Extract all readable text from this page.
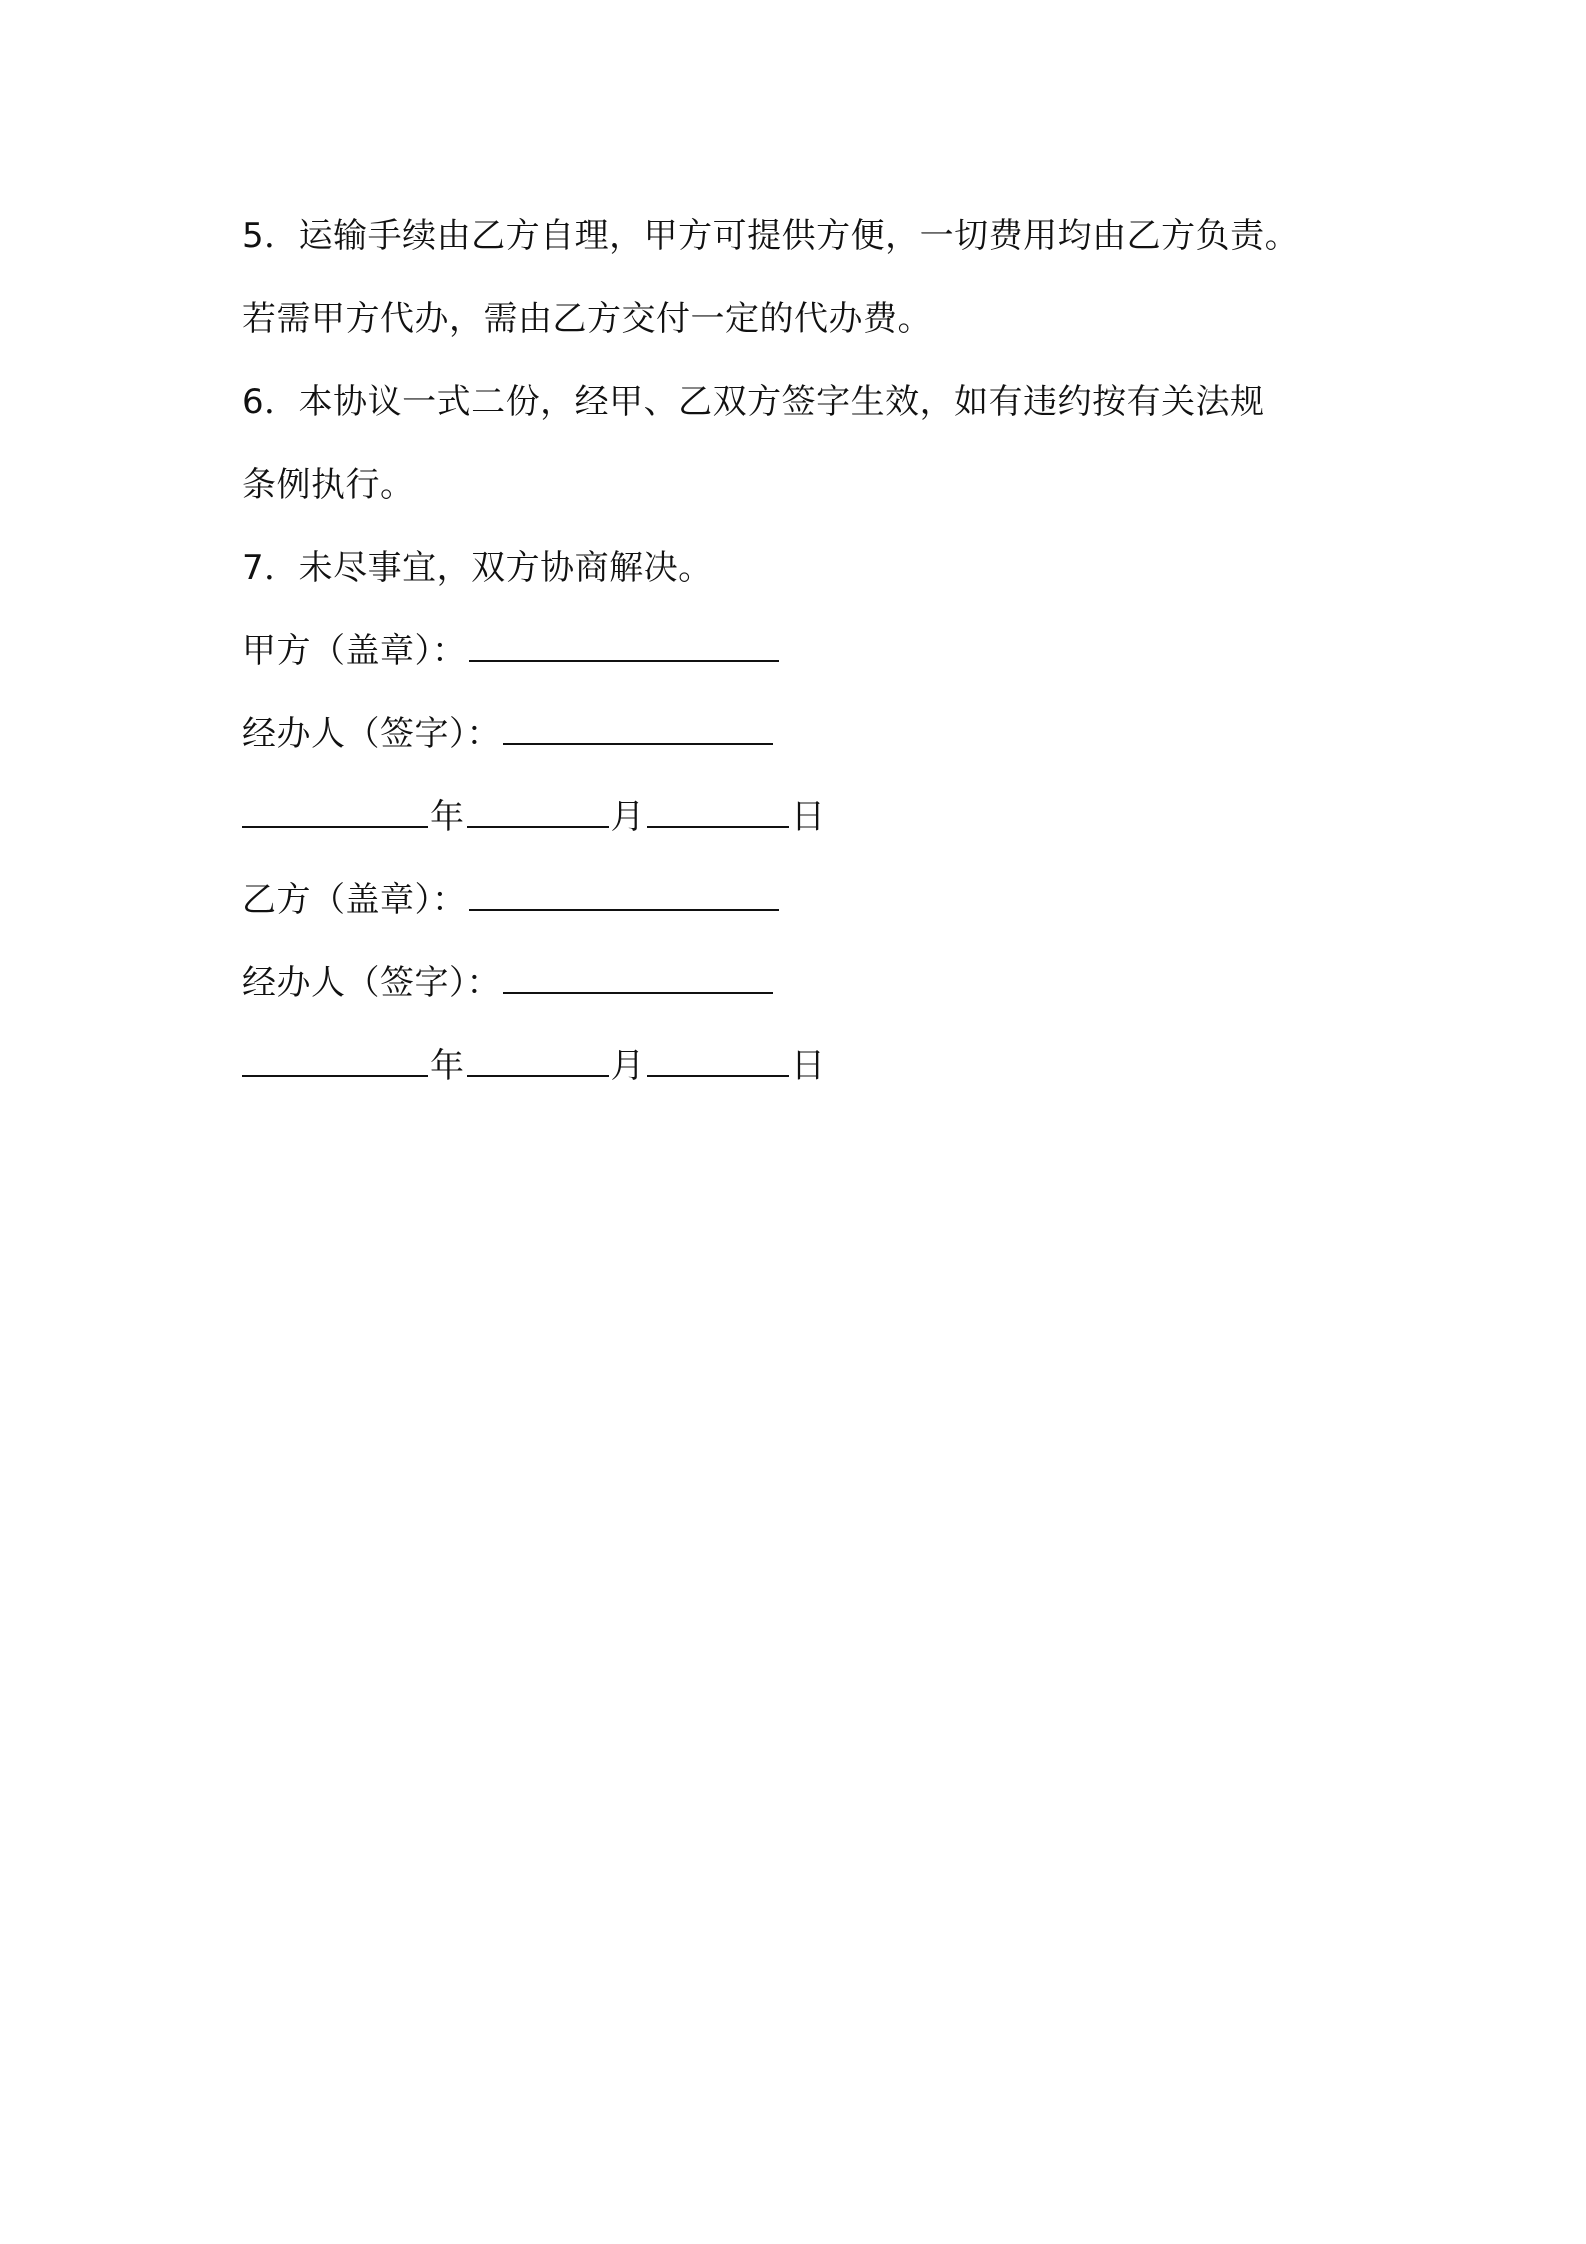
5．运输手续由乙方自理，甲方可提供方便，一切费用均由乙方负责。
若需甲方代办，需由乙方交付一定的代办费。
6．本协议一式二份，经甲、乙双方签字生效，如有违约按有关法规
条例执行。
7．未尽事宜，双方协商解决。
甲方（盖章）：
经办人（签字）：
年	月	日
乙方（盖章）：
经办人（签字）：
年	月	日
